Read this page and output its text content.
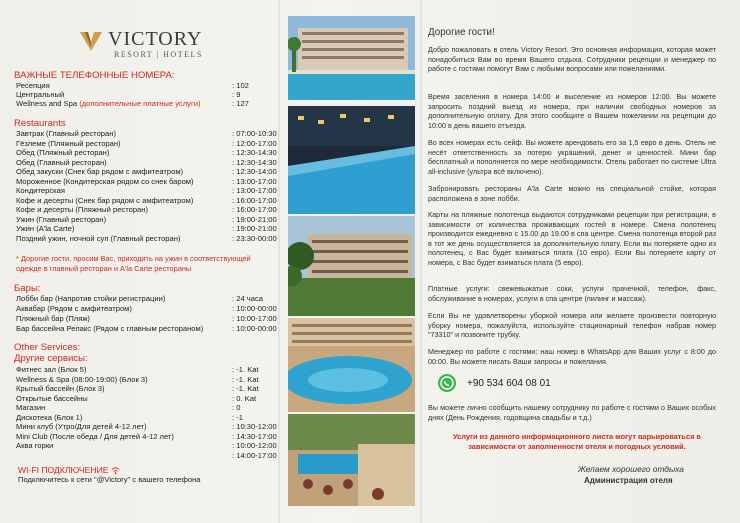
VICTORY
RESORT | HOTELS
ВАЖНЫЕ ТЕЛЕФОННЫЕ НОМЕРА:
Ресепция	: 102
Центральный	: 9
Wellness and Spa (дополнительные платные услуги)	: 127
Restaurants
Завтрак (Главный ресторан)	: 07:00-10:30
Гёзлеме (Пляжный ресторан)	: 12:00-17:00
Обед (Пляжный ресторан)	: 12:30-14:30
Обед (Главный ресторан)	: 12:30-14:30
Обед закуски (Снек бар рядом с амфитеатром)	: 12:30-14:00
Мороженное (Кондитерская рядом со снек баром)	: 13:00-17:00
Кондитерская	: 13:00-17:00
Кофе и десерты (Снек бар рядом с амфитеатром)	: 16:00-17:00
Кофе и десерты (Пляжный ресторан)	: 16:00-17:00
Ужин (Главный ресторан)	: 19:00-21:00
Ужин (A'la Carte)	: 19:00-21:00
Поздний ужин, ночной суп (Главный ресторан)	: 23:30-00:00
* Дорогие гости, просим Вас, приходить на ужин в соответствующей одежде в главный ресторан и A'la Carte рестораны
Бары:
Лобби бар (Напротив стойки регистрации)	: 24 часа
Аквабар (Рядом с амфитеатром)	: 10:00-00:00
Пляжный бар (Пляж)	: 10:00-17:00
Бар бассейна Релакс (Рядом с главным рестораном)	: 10:00-00:00
Other Services:
Другие сервисы:
Фитнес зал (Блок 5)	: -1. Kat
Wellness & Spa (08:00-19:00) (Блок 3)	: -1. Kat
Крытый бассейн (Блок 3)	: -1. Kat
Открытые бассейны	: 0. Kat
Магазин	: 0
Дискотека (Блок 1)	: -1
Мини клуб (Утро/Для детей 4-12 лет)	: 10:30-12:00
Mini Club (После обеда / Для детей 4-12 лет)	: 14:30-17:00
Аква горки	: 10:00-12:00
: 14:00-17:00
WI-FI ПОДКЛЮЧЕНИЕ
Подключитесь к сети "@Victory" с вашего телефона
Дорогие гости!
Добро пожаловать в отель Victory Resort. Это основная информация, которая может понадобиться Вам во время Вашего отдыха. Сотрудники рецепции и менеджер по работе с гостями помогут Вам с любыми вопросами или пожеланиями.
Время заселения в номера 14:00 и выселение из номеров 12:00. Вы можете запросить поздний выезд из номера, при наличии свободных номеров за дополнительную оплату. Для этого сообщите о Вашем пожелании на рецепции до 10:00 в день вашего отъезда.
Во всех номерах есть сейф. Вы можете арендовать его за 1,5 евро в день. Отель не несёт ответственность за потерю украшений, денег и ценностей. Мини бар бесплатный и пополняется по мере необходимости. Отель работает по системе Ultra all-inclusive (ультра всё включено).
Забронировать рестораны A'la Carte можно на специальной стойке, которая расположена в зоне лобби.
Карты на пляжные полотенца выдаются сотрудниками рецепции при регистрации, в зависимости от количества проживающих гостей в номере. Смена полотенец производится ежедневно с 15.00 до 19.00 в спа центре. Смена полотенца второй раз в тот же день осуществляется за дополнительную плату. Если вы потеряете одно из полотенец, с Вас будет взиматься плата (10 евро). Если Вы потеряете карту от номера, с Вас будет взиматься плата (5 евро).
Платные услуги: свежевыжатые соки, услуги прачечной, телефон, факс, обслуживание в номерах, услуги в спа центре (пилинг и массаж).
Если Вы не удовлетворены уборкой номера или желаете произвести повторную уборку номера, пожалуйста, используйте стационарный телефон набрав номер "73310" и позвоните трубку.
Менеджер по работе с гостями: наш номер в WhatsApp для Ваших услуг с 8:00 до 00:00. Вы можете писать Ваши запросы и пожелания.
+90 534 604 08 01
Вы можете лично сообщить нашему сотруднику по работе с гостями о Ваших особых днях (День Рождения, годовщина свадьбы и т.д.)
Услуги из данного информационного листа могут варьироваться в зависимости от заполненности отеля и погодных условий.
Желаем хорошего отдыха
Администрация отеля
